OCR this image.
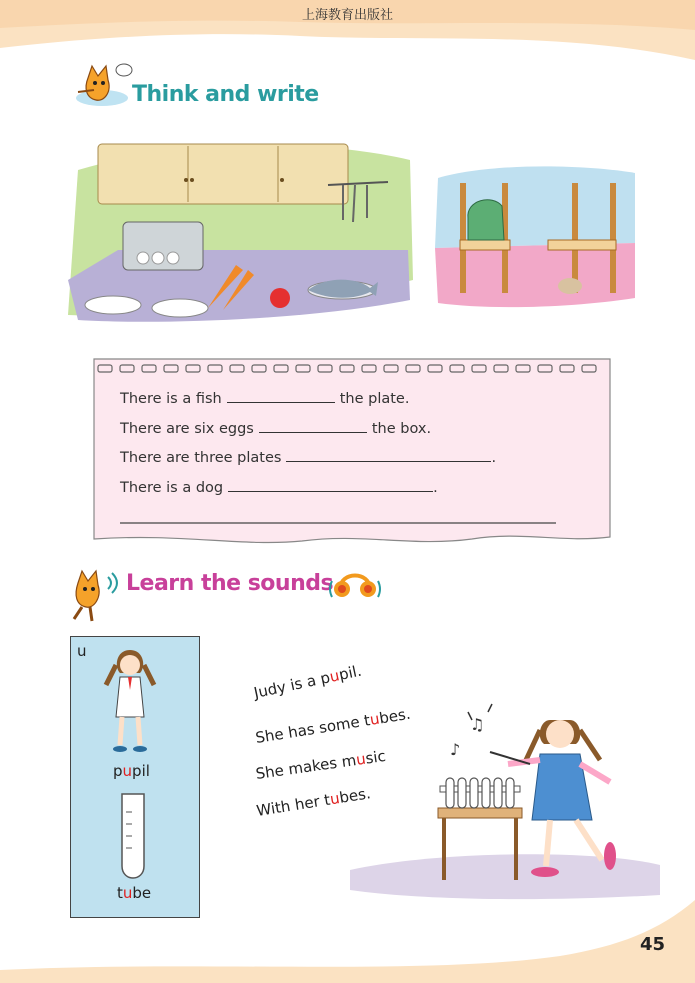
上海教育出版社
Think and write
There is a fish	the plate.
There are six eggs	the box.
There are three plates	.
There is a dog	.
Learn the sounds
u
pupil
tube
Judy is a pupil.
She has some tubes.
She makes music
With her tubes.
♪
♫
45
